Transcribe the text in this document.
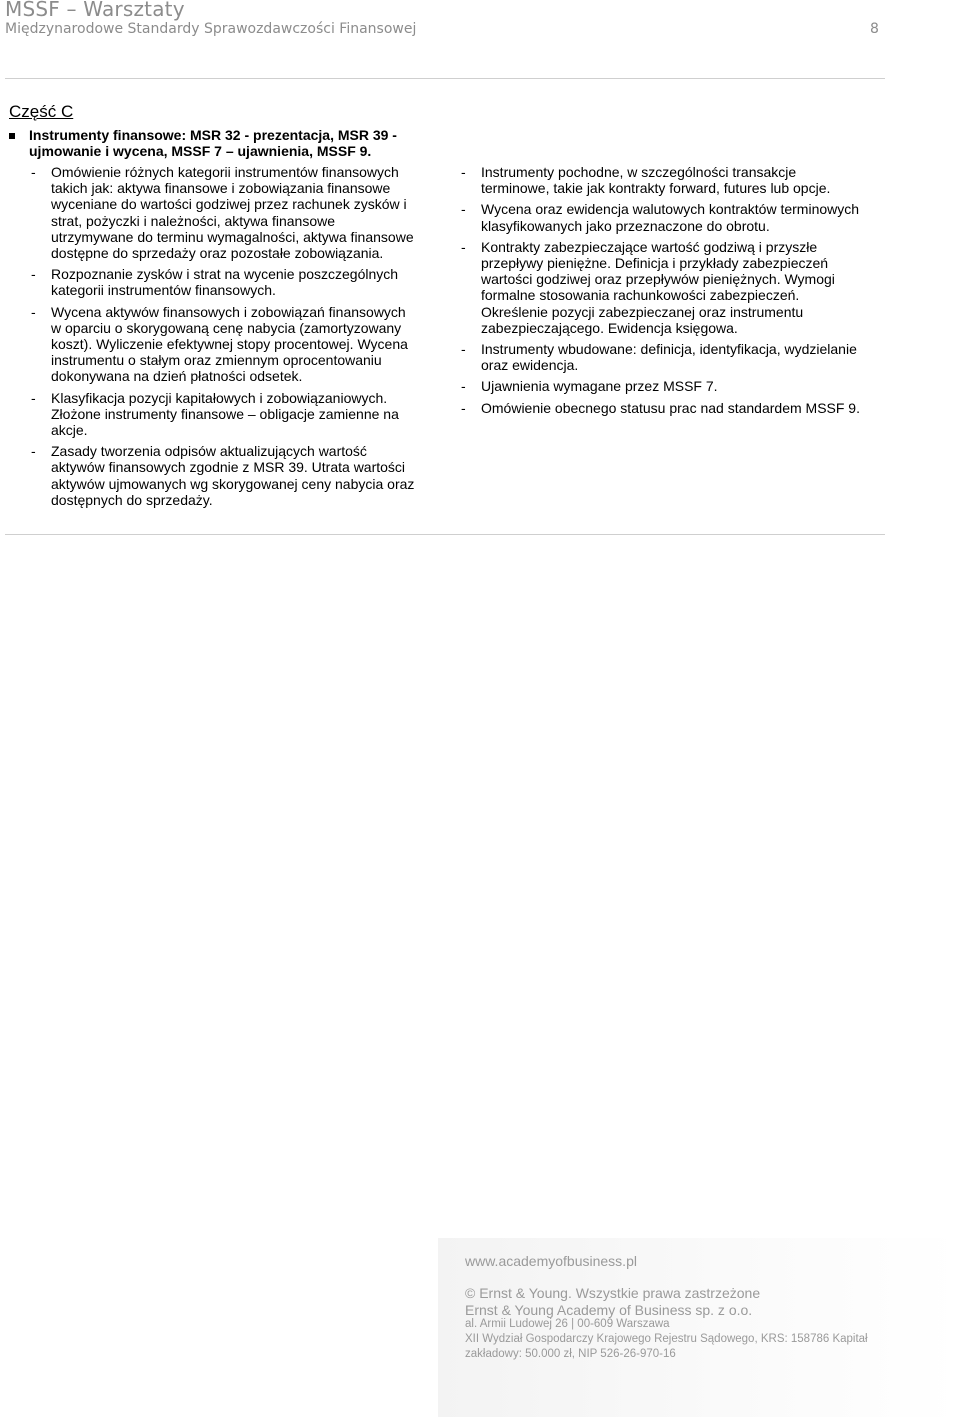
MSSF – Warsztaty
Międzynarodowe Standardy Sprawozdawczości Finansowej	8
Część C
Instrumenty finansowe: MSR 32 - prezentacja, MSR 39 - ujmowanie i wycena, MSSF 7 – ujawnienia, MSSF 9.
- Omówienie różnych kategorii instrumentów finansowych takich jak: aktywa finansowe i zobowiązania finansowe wyceniane do wartości godziwej przez rachunek zysków i strat, pożyczki i należności, aktywa finansowe utrzymywane do terminu wymagalności, aktywa finansowe dostępne do sprzedaży oraz pozostałe zobowiązania.
- Rozpoznanie zysków i strat na wycenie poszczególnych kategorii instrumentów finansowych.
- Wycena aktywów finansowych i zobowiązań finansowych w oparciu o skorygowaną cenę nabycia (zamortyzowany koszt). Wyliczenie efektywnej stopy procentowej. Wycena instrumentu o stałym oraz zmiennym oprocentowaniu dokonywana na dzień płatności odsetek.
- Klasyfikacja pozycji kapitałowych i zobowiązaniowych. Złożone instrumenty finansowe – obligacje zamienne na akcje.
- Zasady tworzenia odpisów aktualizujących wartość aktywów finansowych zgodnie z MSR 39. Utrata wartości aktywów ujmowanych wg skorygowanej ceny nabycia oraz dostępnych do sprzedaży.
- Instrumenty pochodne, w szczególności transakcje terminowe, takie jak kontrakty forward, futures lub opcje.
- Wycena oraz ewidencja walutowych kontraktów terminowych klasyfikowanych jako przeznaczone do obrotu.
- Kontrakty zabezpieczające wartość godziwą i przyszłe przepływy pieniężne. Definicja i przykłady zabezpieczeń wartości godziwej oraz przepływów pieniężnych. Wymogi formalne stosowania rachunkowości zabezpieczeń. Określenie pozycji zabezpieczanej oraz instrumentu zabezpieczającego. Ewidencja księgowa.
- Instrumenty wbudowane: definicja, identyfikacja, wydzielanie oraz ewidencja.
- Ujawnienia wymagane przez MSSF 7.
- Omówienie obecnego statusu prac nad standardem MSSF 9.
www.academyofbusiness.pl
© Ernst & Young. Wszystkie prawa zastrzeżone
Ernst & Young Academy of Business sp. z o.o.
al. Armii Ludowej 26 | 00-609 Warszawa
XII Wydział Gospodarczy Krajowego Rejestru Sądowego, KRS: 158786 Kapitał
zakładowy: 50.000 zł, NIP 526-26-970-16
